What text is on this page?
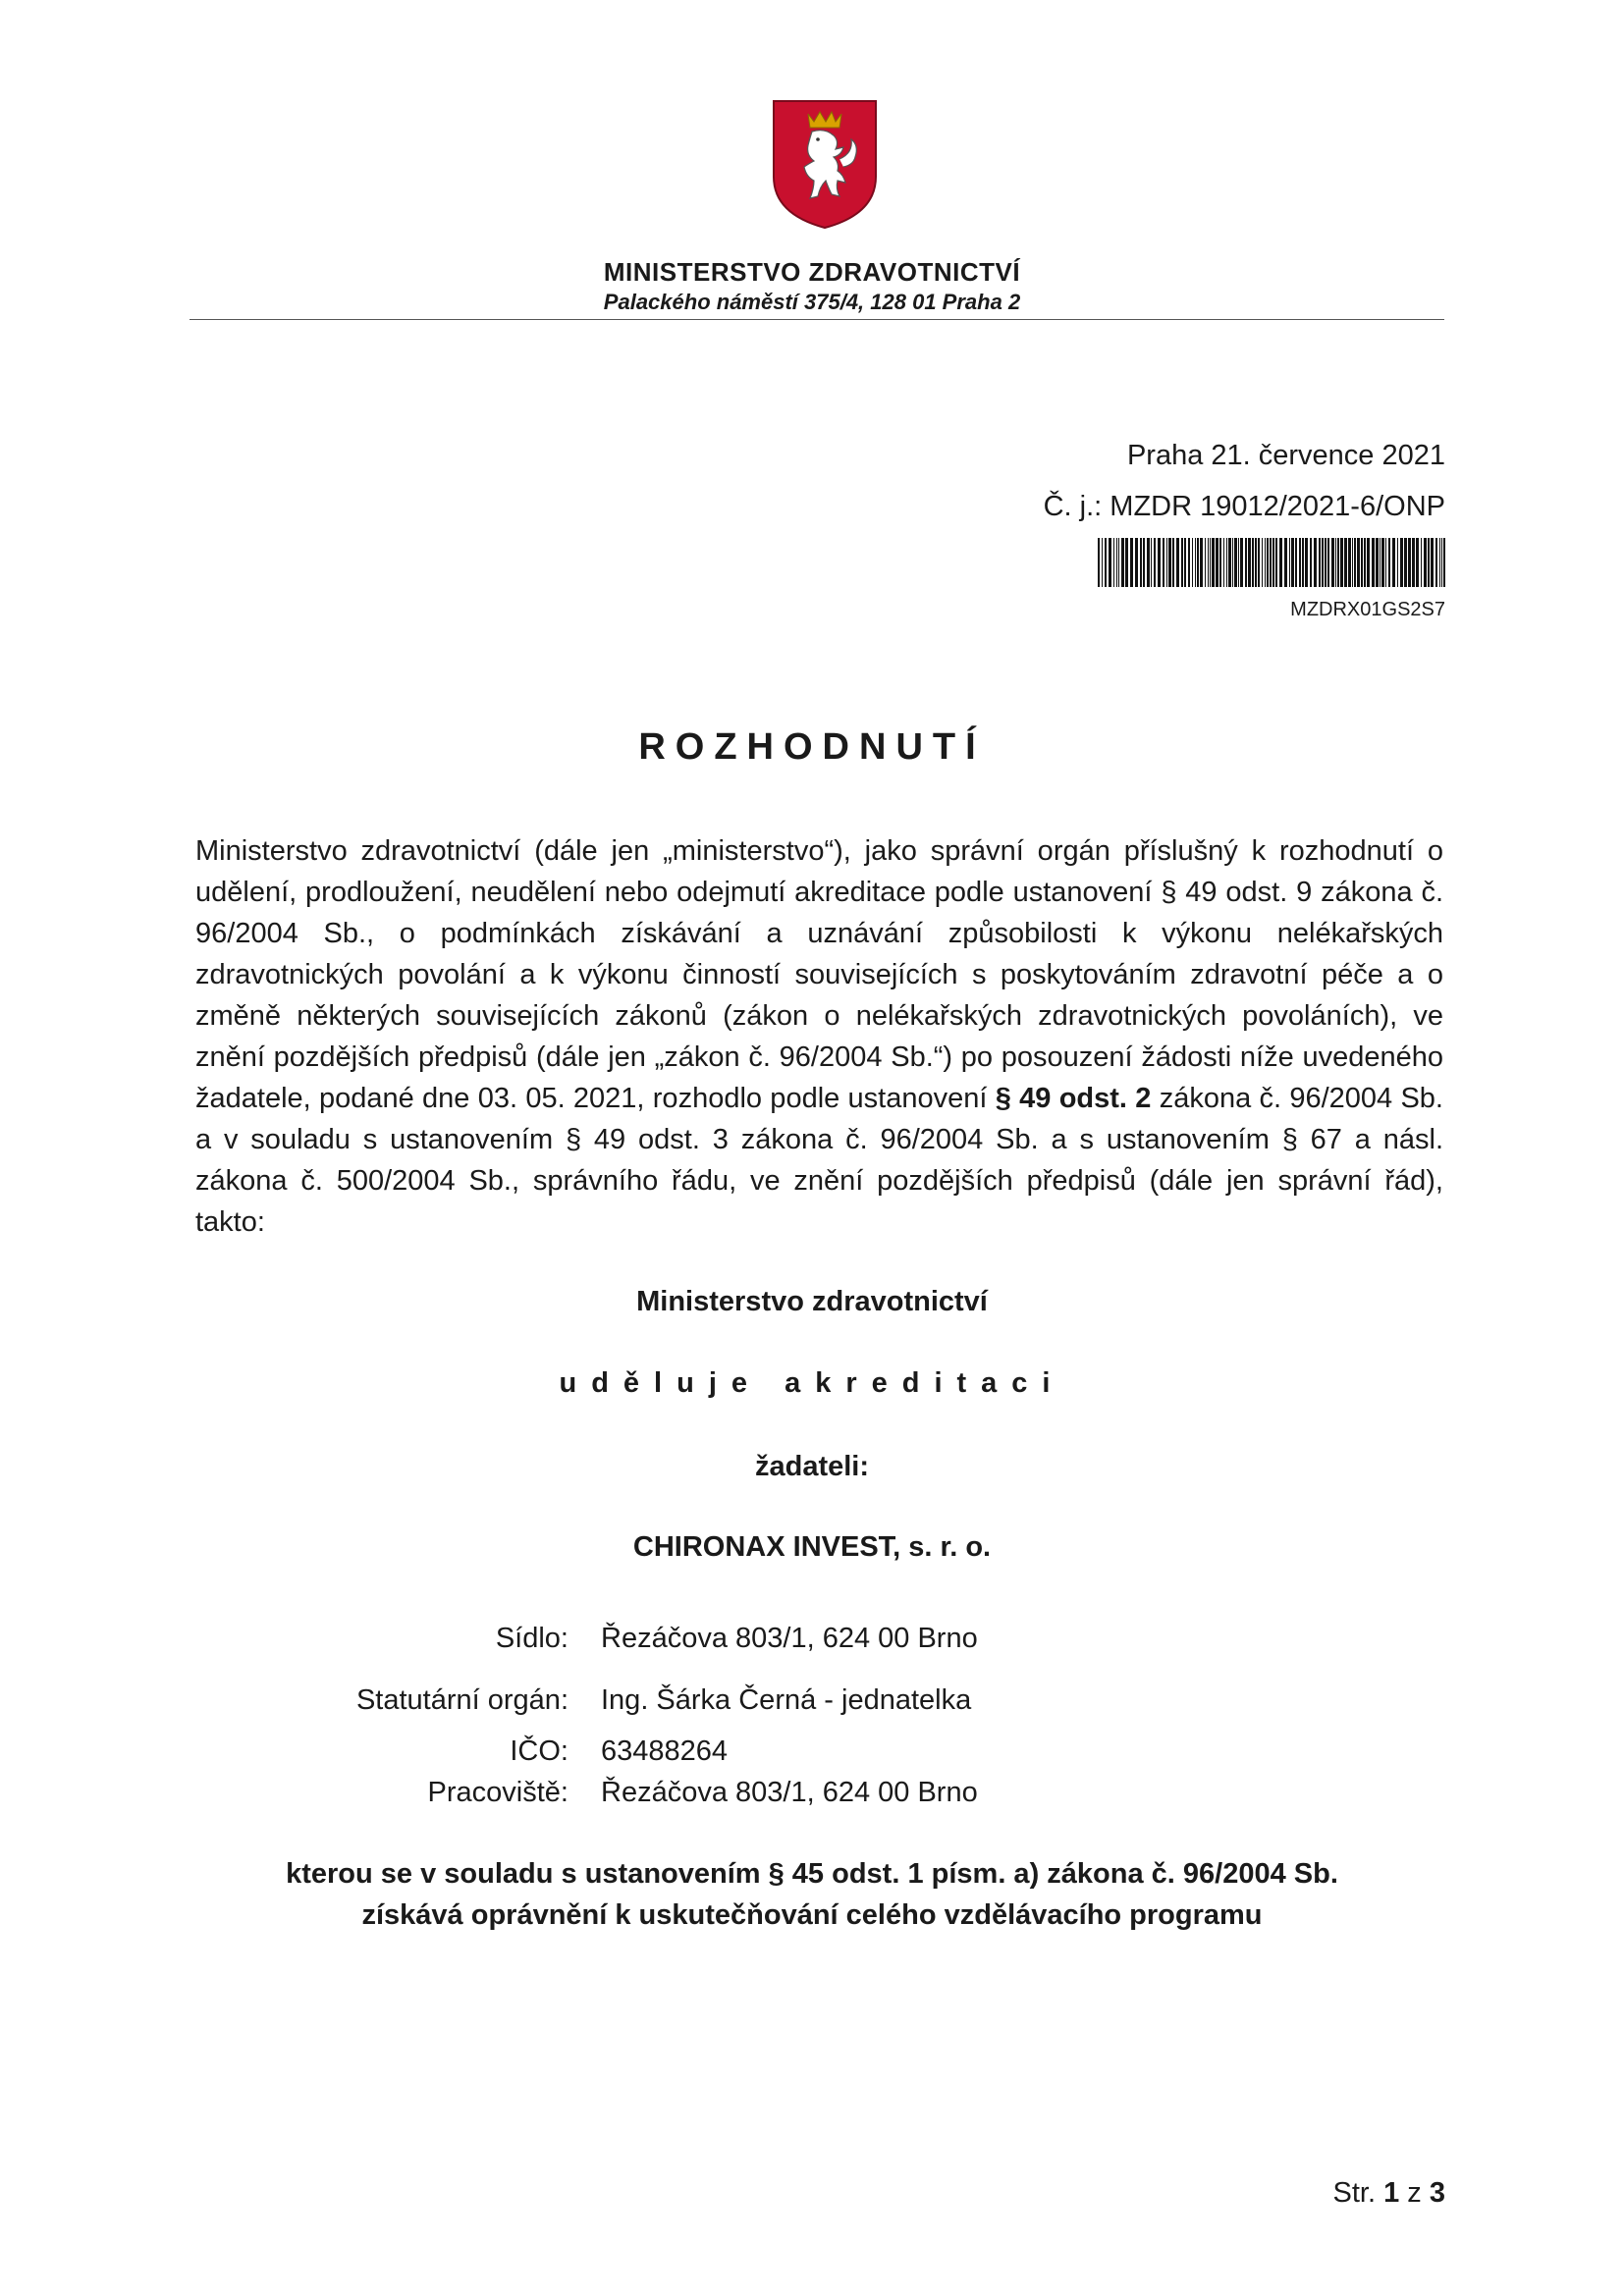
MINISTERSTVO ZDRAVOTNICTVÍ
Palackého náměstí 375/4, 128 01 Praha 2
Praha 21. července 2021
Č. j.: MZDR 19012/2021-6/ONP
MZDRX01GS2S7
ROZHODNUTÍ

Ministerstvo zdravotnictví (dále jen „ministerstvo“), jako správní orgán příslušný k rozhodnutí o udělení, prodloužení, neudělení nebo odejmutí akreditace podle ustanovení § 49 odst. 9 zákona č. 96/2004 Sb., o podmínkách získávání a uznávání způsobilosti k výkonu nelékařských zdravotnických povolání a k výkonu činností souvisejících s poskytováním zdravotní péče a o změně některých souvisejících zákonů (zákon o nelékařských zdravotnických povoláních), ve znění pozdějších předpisů (dále jen „zákon č. 96/2004 Sb.“) po posouzení žádosti níže uvedeného žadatele, podané dne 03. 05. 2021, rozhodlo podle ustanovení § 49 odst. 2 zákona č. 96/2004 Sb. a v souladu s ustanovením § 49 odst. 3 zákona č. 96/2004 Sb. a s ustanovením § 67 a násl. zákona č. 500/2004 Sb., správního řádu, ve znění pozdějších předpisů (dále jen správní řád), takto:

Ministerstvo zdravotnictví
uděluje akreditaci
žadateli:
CHIRONAX INVEST, s. r. o.
Sídlo: Řezáčova 803/1, 624 00 Brno
Statutární orgán: Ing. Šárka Černá - jednatelka
IČO: 63488264
Pracoviště: Řezáčova 803/1, 624 00 Brno
kterou se v souladu s ustanovením § 45 odst. 1 písm. a) zákona č. 96/2004 Sb.
získává oprávnění k uskutečňování celého vzdělávacího programu
Str. 1 z 3
